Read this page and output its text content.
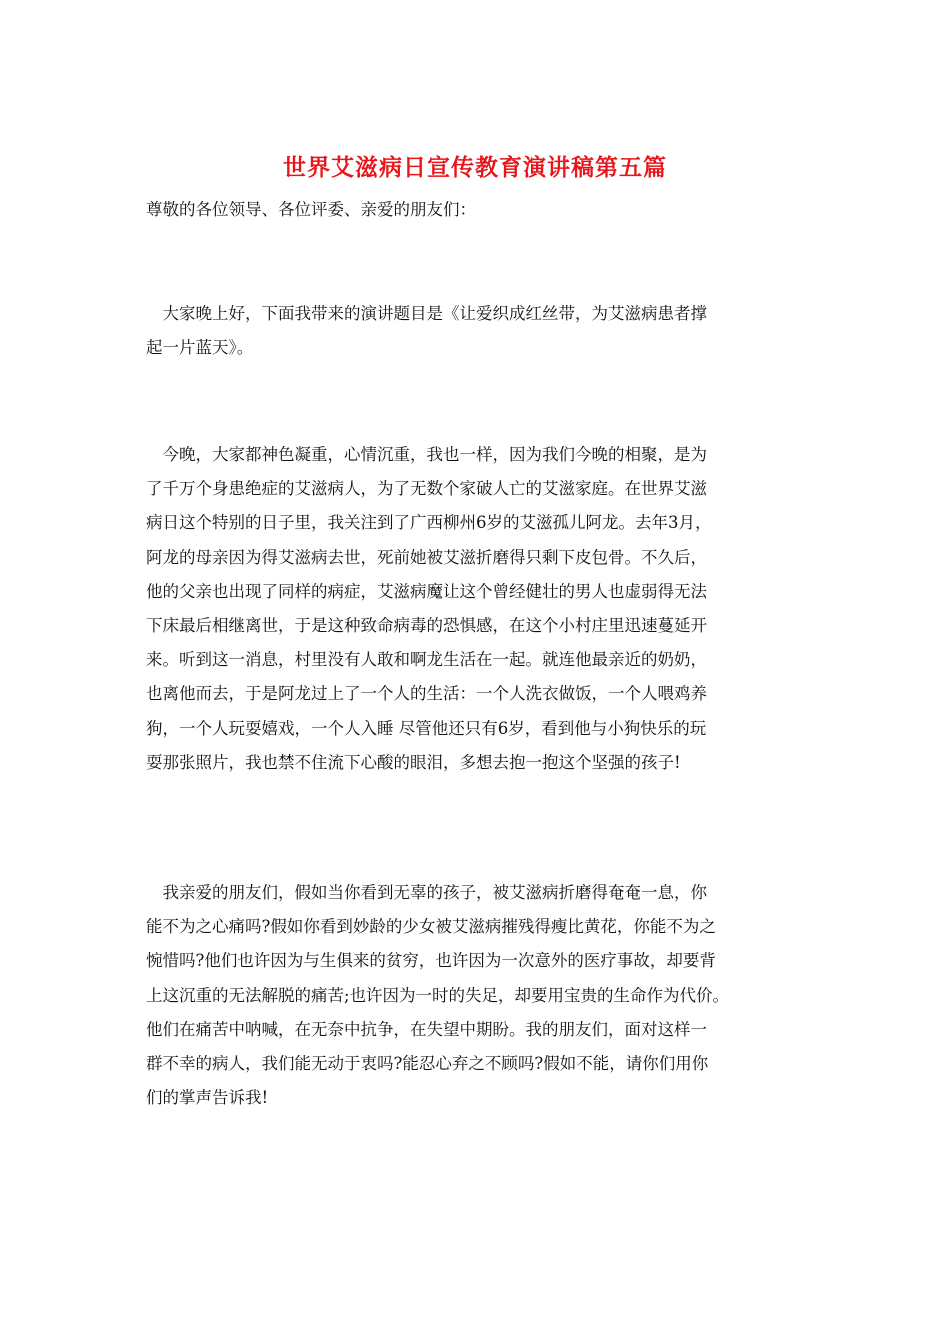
世界艾滋病日宣传教育演讲稿第五篇
尊敬的各位领导、各位评委、亲爱的朋友们：
　大家晚上好，下面我带来的演讲题目是《让爱织成红丝带，为艾滋病患者撑
起一片蓝天》。
　今晚，大家都神色凝重，心情沉重，我也一样，因为我们今晚的相聚，是为
了千万个身患绝症的艾滋病人，为了无数个家破人亡的艾滋家庭。在世界艾滋
病日这个特别的日子里，我关注到了广西柳州6岁的艾滋孤儿阿龙。去年3月，
阿龙的母亲因为得艾滋病去世，死前她被艾滋折磨得只剩下皮包骨。不久后，
他的父亲也出现了同样的病症，艾滋病魔让这个曾经健壮的男人也虚弱得无法
下床最后相继离世，于是这种致命病毒的恐惧感，在这个小村庄里迅速蔓延开
来。听到这一消息，村里没有人敢和啊龙生活在一起。就连他最亲近的奶奶，
也离他而去，于是阿龙过上了一个人的生活：一个人洗衣做饭，一个人喂鸡养
狗，一个人玩耍嬉戏，一个人入睡 尽管他还只有6岁，看到他与小狗快乐的玩
耍那张照片，我也禁不住流下心酸的眼泪，多想去抱一抱这个坚强的孩子!
　我亲爱的朋友们，假如当你看到无辜的孩子，被艾滋病折磨得奄奄一息，你
能不为之心痛吗?假如你看到妙龄的少女被艾滋病摧残得瘦比黄花，你能不为之
惋惜吗?他们也许因为与生俱来的贫穷，也许因为一次意外的医疗事故，却要背
上这沉重的无法解脱的痛苦;也许因为一时的失足，却要用宝贵的生命作为代价。
他们在痛苦中呐喊，在无奈中抗争，在失望中期盼。我的朋友们，面对这样一
群不幸的病人，我们能无动于衷吗?能忍心弃之不顾吗?假如不能，请你们用你
们的掌声告诉我!
